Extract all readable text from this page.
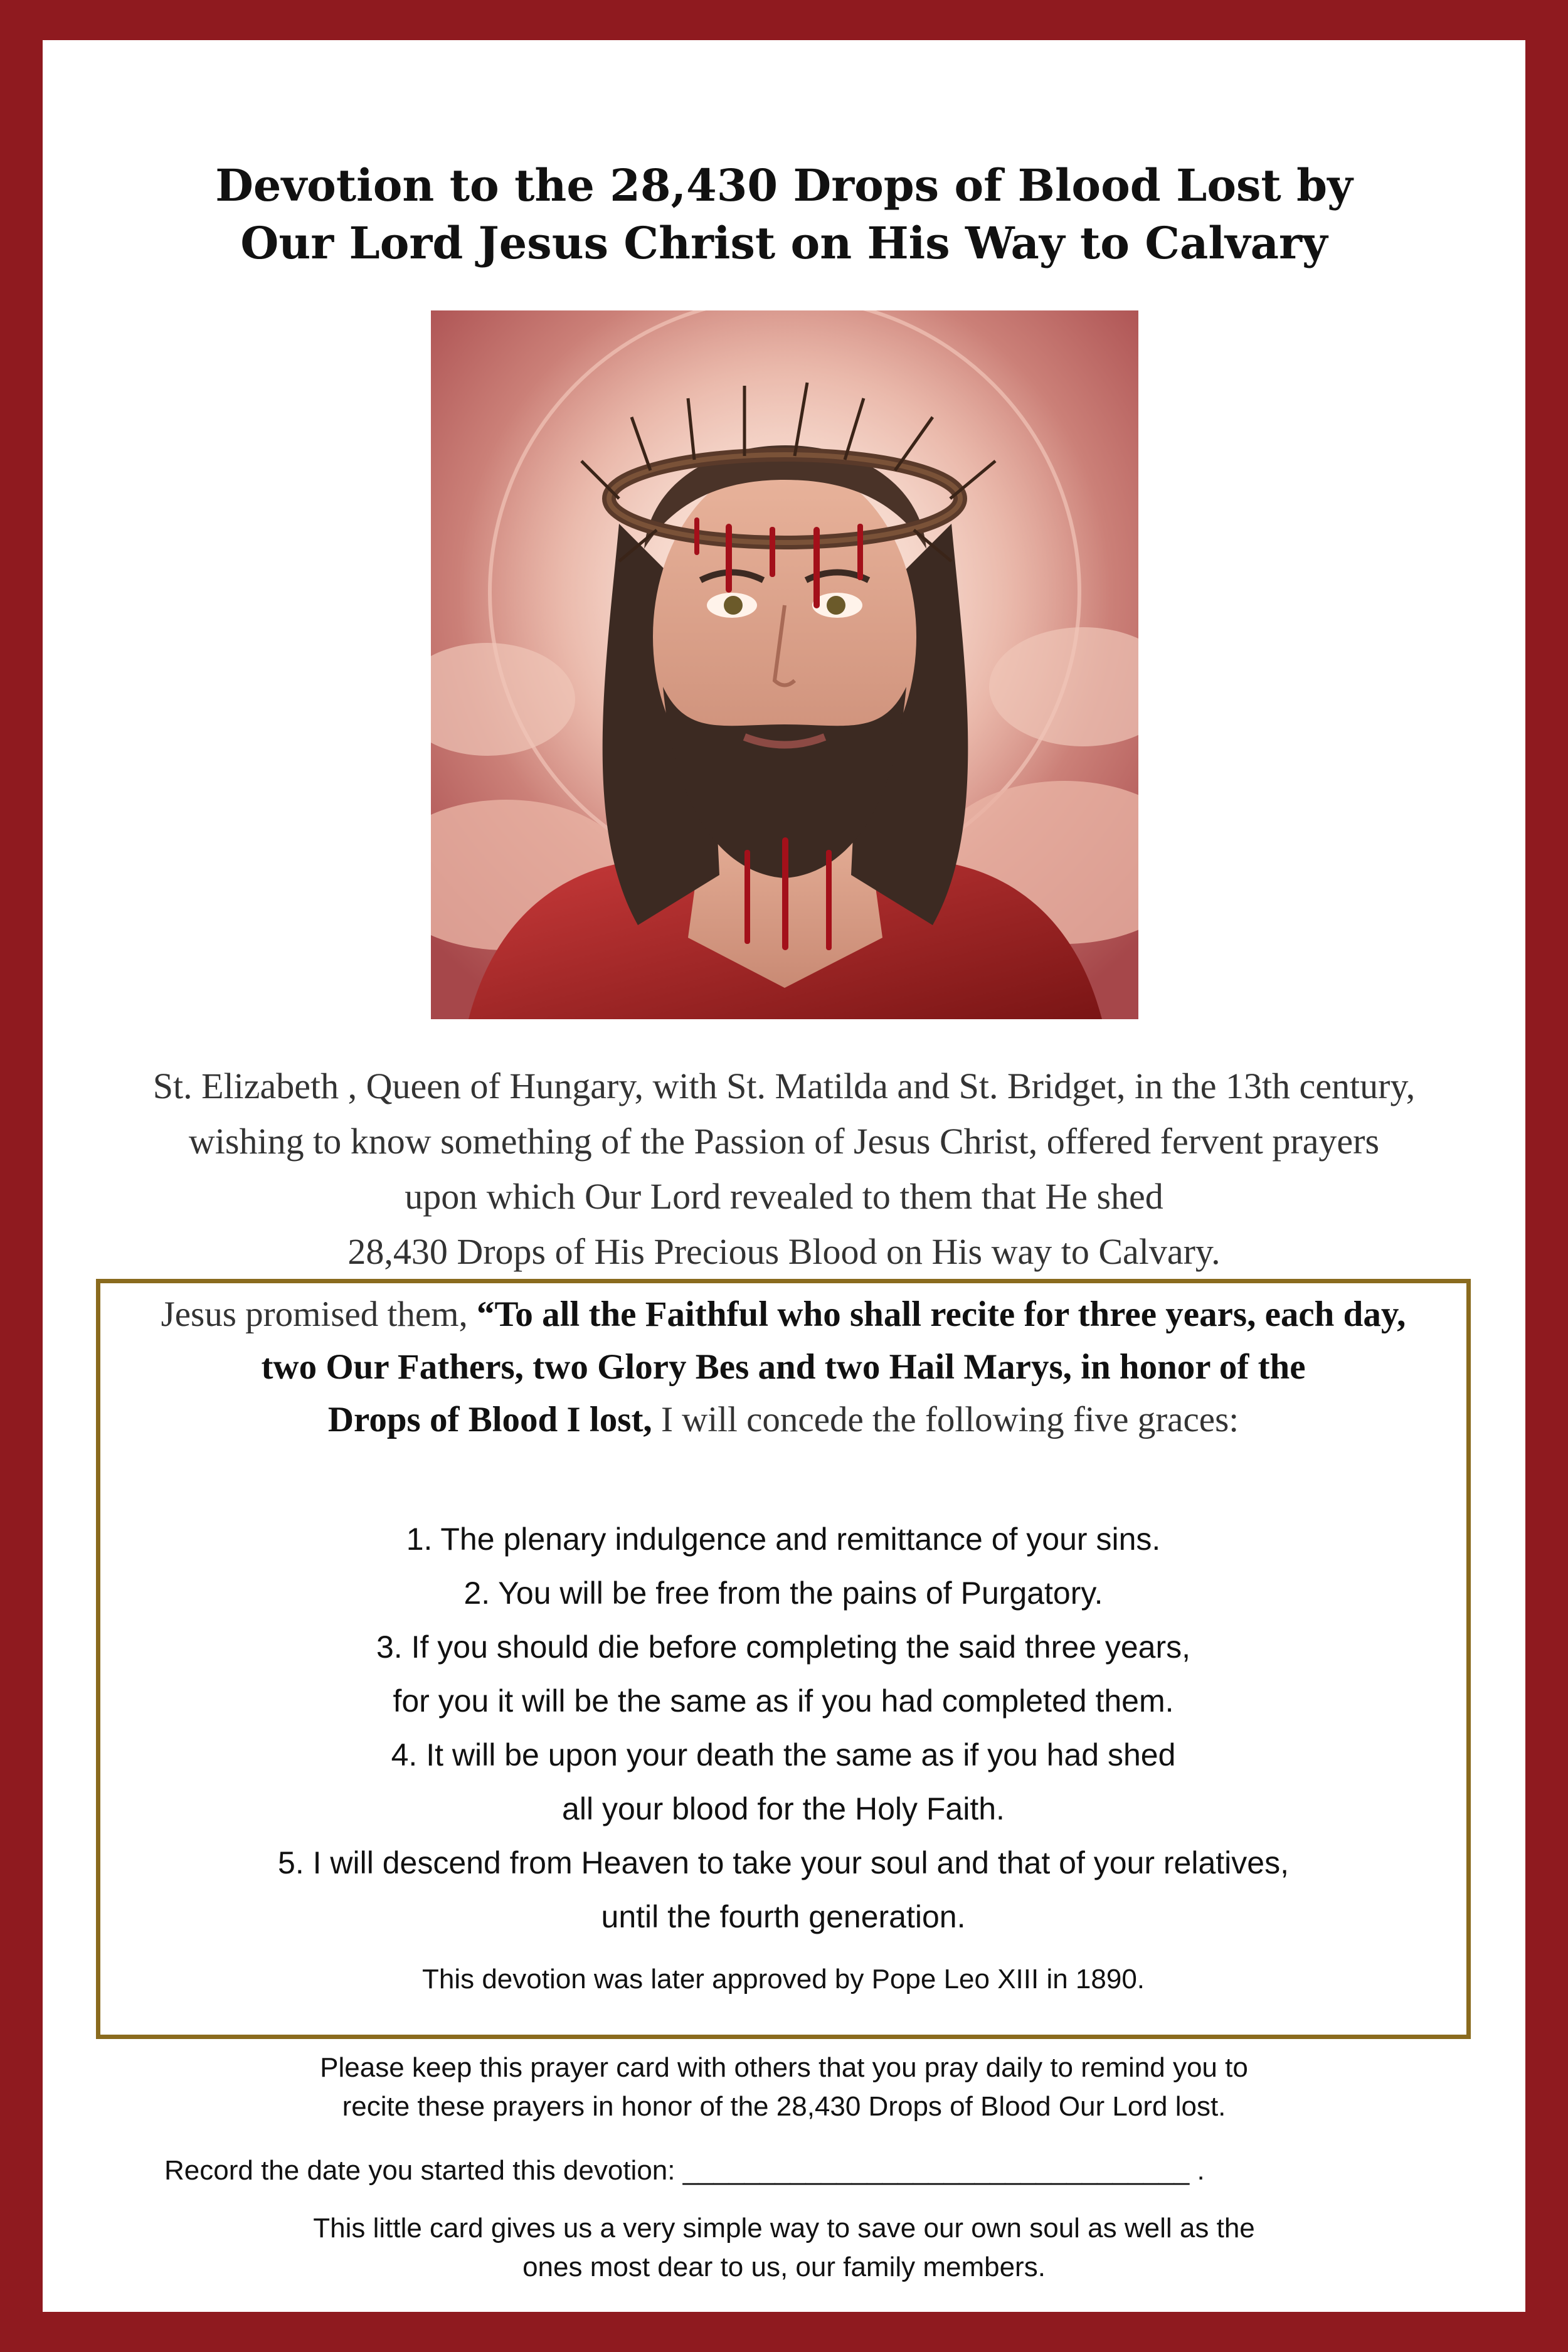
Devotion to the 28,430 Drops of Blood Lost by
Our Lord Jesus Christ on His Way to Calvary
St. Elizabeth , Queen of Hungary, with St. Matilda and St. Bridget, in the 13th century,
wishing to know something of the Passion of Jesus Christ, offered fervent prayers
upon which Our Lord revealed to them that He shed
28,430 Drops of His Precious Blood on His way to Calvary.
Jesus promised them, “To all the Faithful who shall recite for three years, each day,
two Our Fathers, two Glory Bes and two Hail Marys, in honor of the
Drops of Blood I lost, I will concede the following five graces:
1. The plenary indulgence and remittance of your sins.
2. You will be free from the pains of Purgatory.
3. If you should die before completing the said three years,
for you it will be the same as if you had completed them.
4. It will be upon your death the same as if you had shed
all your blood for the Holy Faith.
5. I will descend from Heaven to take your soul and that of your relatives,
until the fourth generation.
This devotion was later approved by Pope Leo XIII in 1890.
Please keep this prayer card with others that you pray daily to remind you to
recite these prayers in honor of the 28,430 Drops of Blood Our Lord lost.
Record the date you started this devotion: _________________________________ .
This little card gives us a very simple way to save our own soul as well as the
ones most dear to us, our family members.
